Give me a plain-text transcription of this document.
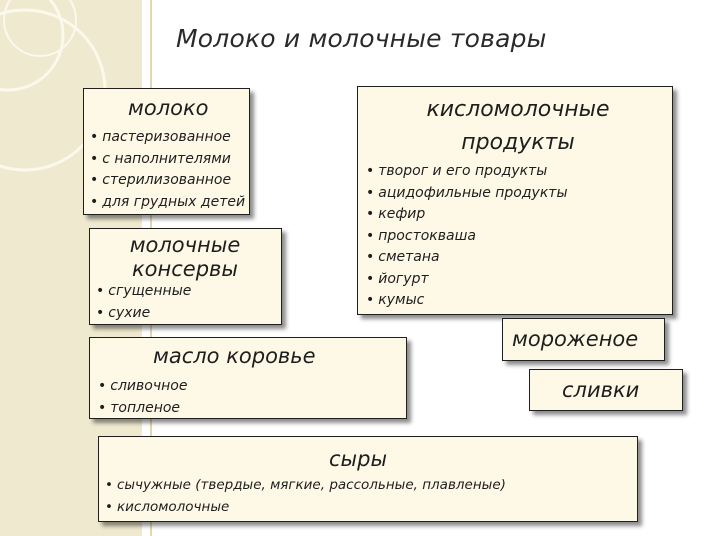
Молоко и молочные товары

молоко

• пастеризованное
• с наполнителями
• стерилизованное
• для грудных детей

кисломолочные продукты

• творог и его продукты
• ацидофильные продукты
• кефир
• простокваша
• сметана
• йогурт
• кумыс

молочные консервы

• сгущенные
• сухие

мороженое

масло коровье

• сливочное
• топленое

сливки

сыры

• сычужные (твердые, мягкие, рассольные, плавленые)
• кисломолочные
